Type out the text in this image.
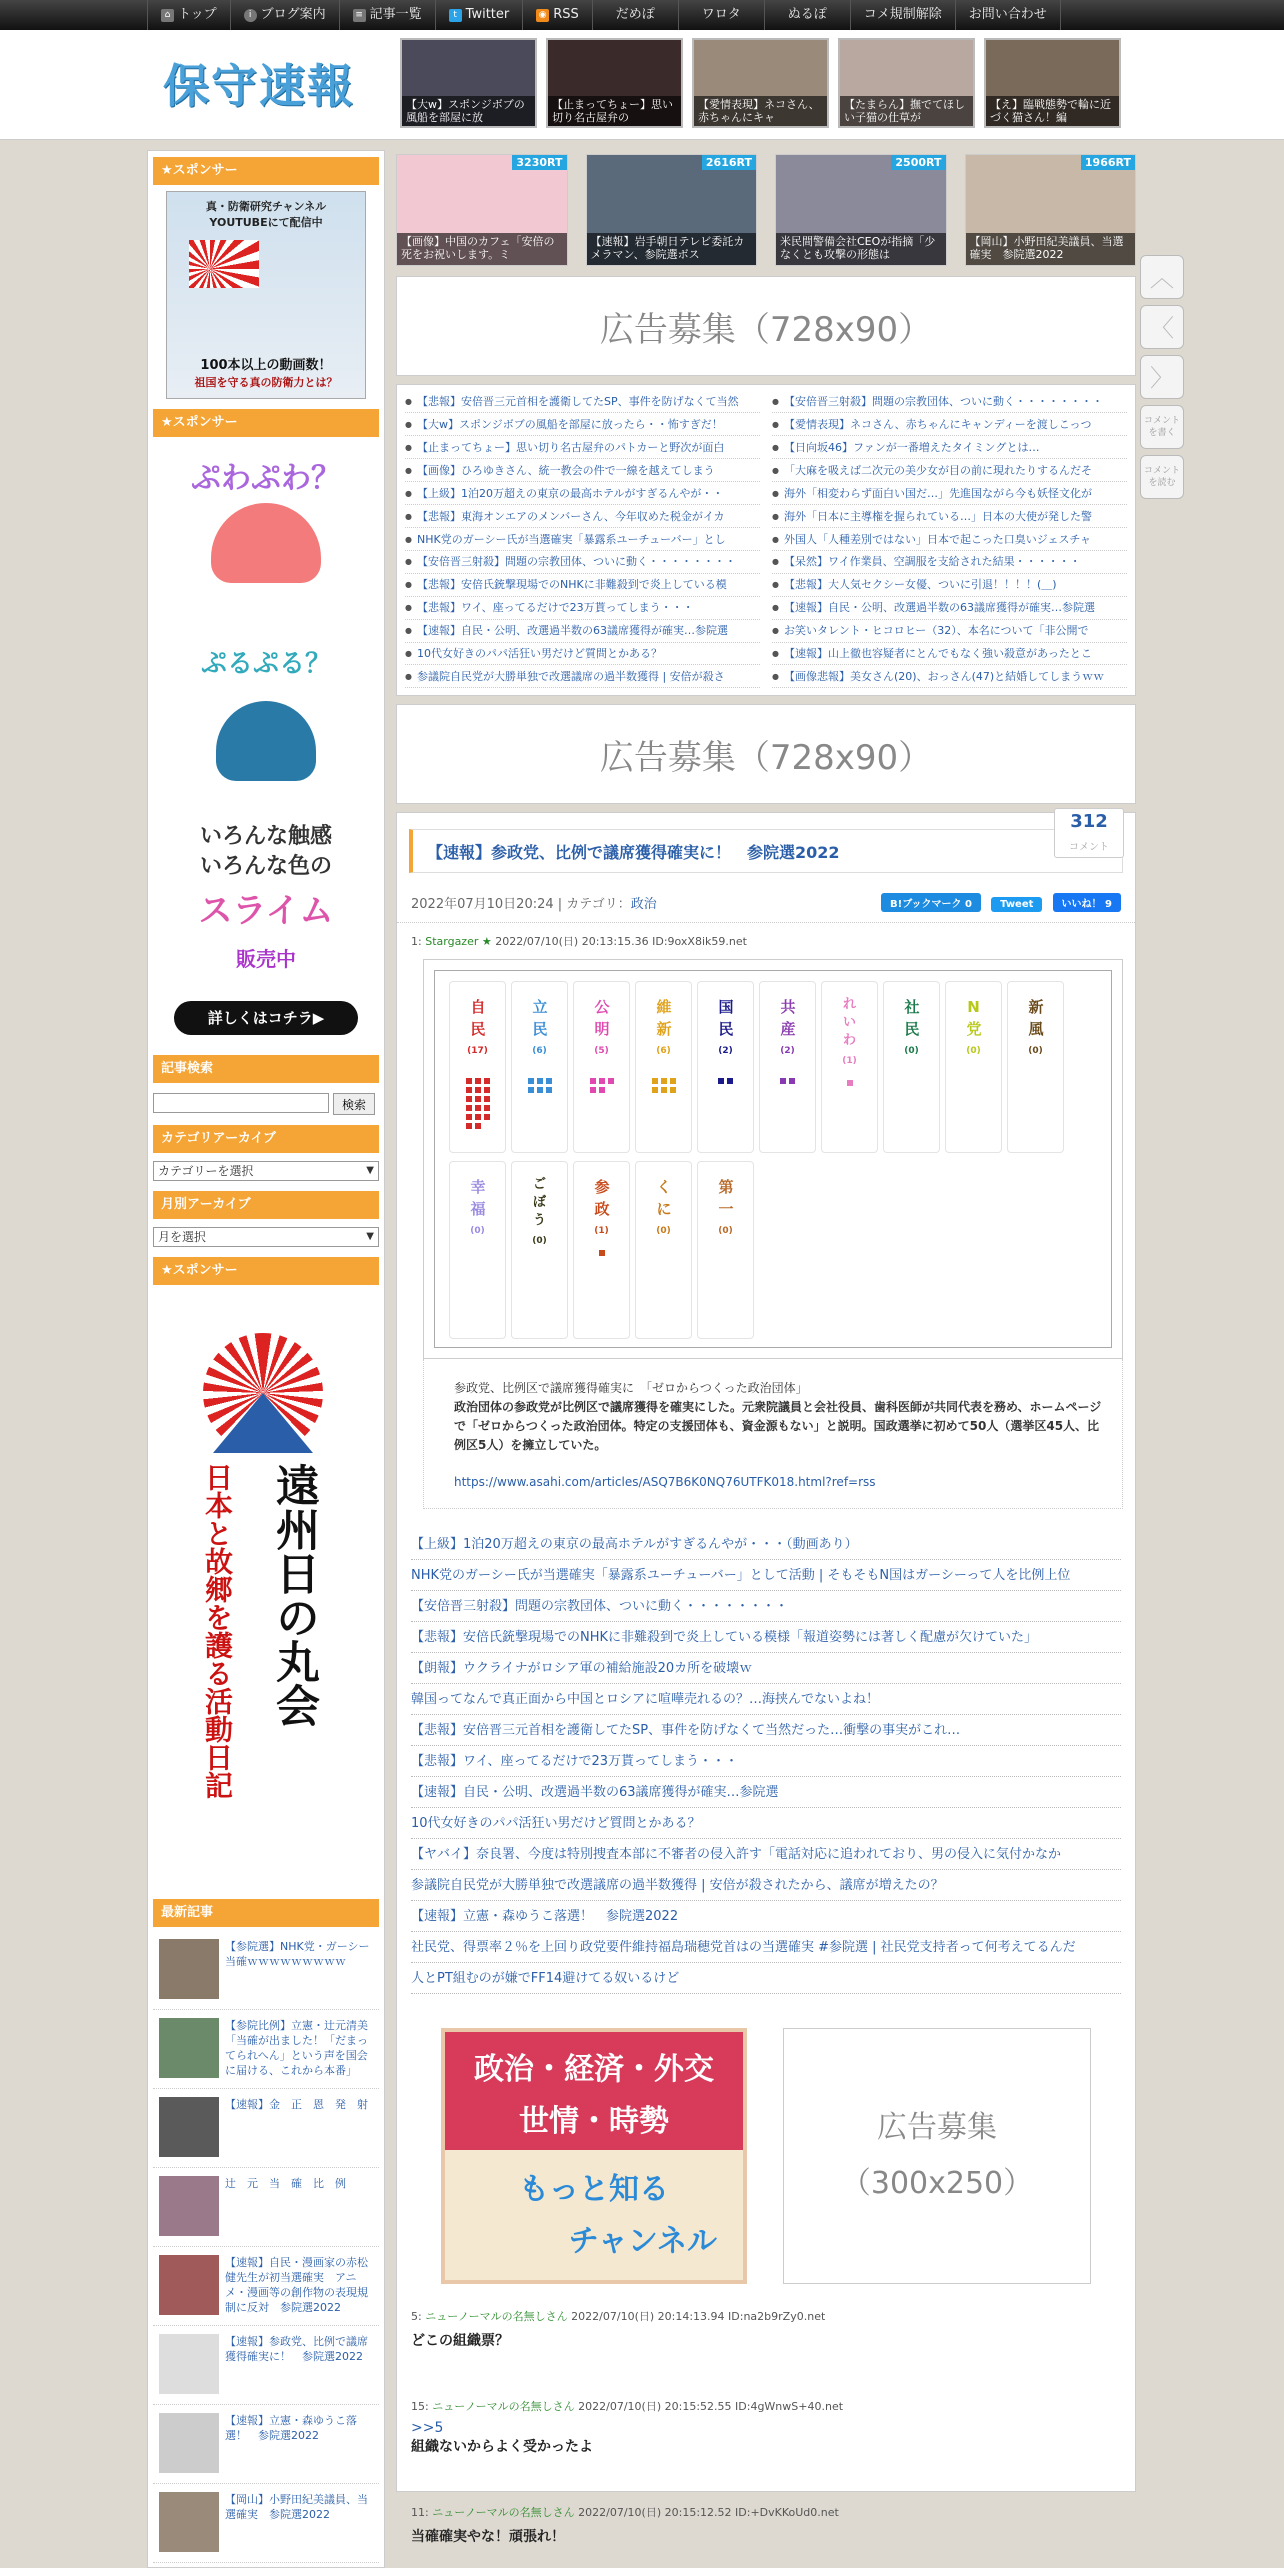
⌂ トップ	i ブログ案内	≡ 記事一覧	t Twitter	◉ RSS	だめぽ	ワロタ	ぬるぽ	コメ規制解除 お問い合わせ
保守速報	【大w】スポンジボブの風船を部屋に放
【止まってちょー】思い切り名古屋弁の
【愛情表現】ネコさん、赤ちゃんにキャ
【たまらん】撫でてほしい子猫の仕草が
【え】臨戦態勢で輪に近づく猫さん！編
★スポンサー
真・防衛研究チャンネル
YOUTUBEにて配信中
100本以上の動画数！
祖国を守る真の防衛力とは？
★スポンサー
ぷわぷわ？
ぷるぷる？
いろんな触感
いろんな色の
スライム
販売中
詳しくはコチラ▶
記事検索
検索
カテゴリアーカイブ
カテゴリーを選択	▼
月別アーカイブ
月を選択	▼
★スポンサー
遠州日の丸会
日本と故郷を護る活動日記
最新記事
【参院選】NHK党・ガーシー当確ｗｗｗｗｗｗｗｗｗ
【参院比例】立憲・辻元清美「当確が出ました！「だまってられへん」という声を国会に届ける、これから本番」
【速報】金　正　恩　発　射
辻　元　当　確　比　例
【速報】自民・漫画家の赤松健先生が初当選確実　アニメ・漫画等の創作物の表現規制に反対　参院選2022
【速報】参政党、比例で議席獲得確実に！　参院選2022
【速報】立憲・森ゆうこ落選！　参院選2022
【岡山】小野田紀美議員、当選確実　参院選2022
3230RT
【画像】中国のカフェ「安倍の死をお祝いします。ミ
2616RT
【速報】岩手朝日テレビ委託カメラマン、参院選ボス
2500RT
米民間警備会社CEOが指摘「少なくとも攻撃の形態は
1966RT
【岡山】小野田紀美議員、当選確実　参院選2022
広告募集（728x90）
● 【悲報】安倍晋三元首相を護衛してたSP、事件を防げなくて当然	● 【安倍晋三射殺】問題の宗教団体、ついに動く・・・・・・・・
● 【大w】スポンジボブの風船を部屋に放ったら・・怖すぎだ！	● 【愛情表現】ネコさん、赤ちゃんにキャンディーを渡しこっつ
● 【止まってちょー】思い切り名古屋弁のパトカーと野次が面白	● 【日向坂46】ファンが一番増えたタイミングとは…
● 【画像】ひろゆきさん、統一教会の件で一線を越えてしまう	● 「大麻を吸えば二次元の美少女が目の前に現れたりするんだそ
● 【上級】1泊20万超えの東京の最高ホテルがすぎるんやが・・	● 海外「相変わらず面白い国だ…」先進国ながら今も妖怪文化が
● 【悲報】東海オンエアのメンバーさん、今年収めた税金がイカ	● 海外「日本に主導権を握られている…」日本の大使が発した警
● NHK党のガーシー氏が当選確実「暴露系ユーチューバー」とし	● 外国人「人種差別ではない」日本で起こった口臭いジェスチャ
● 【安倍晋三射殺】問題の宗教団体、ついに動く・・・・・・・・	● 【呆然】ワイ作業員、空調服を支給された結果・・・・・・
● 【悲報】安倍氏銃撃現場でのNHKに非難殺到で炎上している模	● 【悲報】大人気セクシー女優、ついに引退！！！！(＿)
● 【悲報】ワイ、座ってるだけで23万貰ってしまう・・・	● 【速報】自民・公明、改選過半数の63議席獲得が確実…参院選
● 【速報】自民・公明、改選過半数の63議席獲得が確実…参院選	● お笑いタレント・ヒコロヒー（32）、本名について「非公開で
● 10代女好きのパパ活狂い男だけど質問とかある？	● 【速報】山上徹也容疑者にとんでもなく強い殺意があったとこ
● 参議院自民党が大勝単独で改選議席の過半数獲得 | 安倍が殺さ	● 【画像悲報】美女さん(20)、おっさん(47)と結婚してしまうｗｗ
広告募集（728x90）
【速報】参政党、比例で議席獲得確実に！　参院選2022
312
コメント
2022年07月10日20:24 | カテゴリ：政治	B!ブックマーク 0	Tweet	いいね！ 9
1: Stargazer ★ 2022/07/10(日) 20:13:15.36 ID:9oxX8ik59.net
自民
(17)
立民
(6)
公明
(5)
維新
(6)
国民
(2)
共産
(2)
れいわ
(1)
社民
(0)
N党
(0)
新風
(0)
幸福
(0)
ごぼう
(0)
参政
(1)
くに
(0)
第一
(0)
参政党、比例区で議席獲得確実に　「ゼロからつくった政治団体」
政治団体の参政党が比例区で議席獲得を確実にした。元衆院議員と会社役員、歯科医師が共同代表を務め、ホームページで「ゼロからつくった政治団体。特定の支援団体も、資金源もない」と説明。国政選挙に初めて50人（選挙区45人、比例区5人）を擁立していた。
https://www.asahi.com/articles/ASQ7B6K0NQ76UTFK018.html?ref=rss
【上級】1泊20万超えの東京の最高ホテルがすぎるんやが・・・（動画あり）
NHK党のガーシー氏が当選確実「暴露系ユーチューバー」として活動 | そもそもN国はガーシーって人を比例上位
【安倍晋三射殺】問題の宗教団体、ついに動く・・・・・・・・
【悲報】安倍氏銃撃現場でのNHKに非難殺到で炎上している模様「報道姿勢には著しく配慮が欠けていた」
【朗報】ウクライナがロシア軍の補給施設20カ所を破壊ｗ
韓国ってなんで真正面から中国とロシアに喧嘩売れるの？…海挟んでないよね！
【悲報】安倍晋三元首相を護衛してたSP、事件を防げなくて当然だった…衝撃の事実がこれ…
【悲報】ワイ、座ってるだけで23万貰ってしまう・・・
【速報】自民・公明、改選過半数の63議席獲得が確実…参院選
10代女好きのパパ活狂い男だけど質問とかある？
【ヤバイ】奈良署、今度は特別捜査本部に不審者の侵入許す「電話対応に追われており、男の侵入に気付かなか
参議院自民党が大勝単独で改選議席の過半数獲得 | 安倍が殺されたから、議席が増えたの？
【速報】立憲・森ゆうこ落選！　参院選2022
社民党、得票率２％を上回り政党要件維持福島瑞穂党首はの当選確実 #参院選 | 社民党支持者って何考えてるんだ
人とPT組むのが嫌でFF14避けてる奴いるけど
政治・経済・外交
世情・時勢
もっと知る
チャンネル
広告募集
（300x250）
5: ニューノーマルの名無しさん 2022/07/10(日) 20:14:13.94 ID:na2b9rZy0.net
どこの組織票？
15: ニューノーマルの名無しさん 2022/07/10(日) 20:15:52.55 ID:4gWnwS+40.net
>>5
組織ないからよく受かったよ
11: ニューノーマルの名無しさん 2022/07/10(日) 20:15:12.52 ID:+DvKKoUd0.net
当確確実やな！頑張れ！
︿
〈
〉
コメントを書く
コメントを読む
